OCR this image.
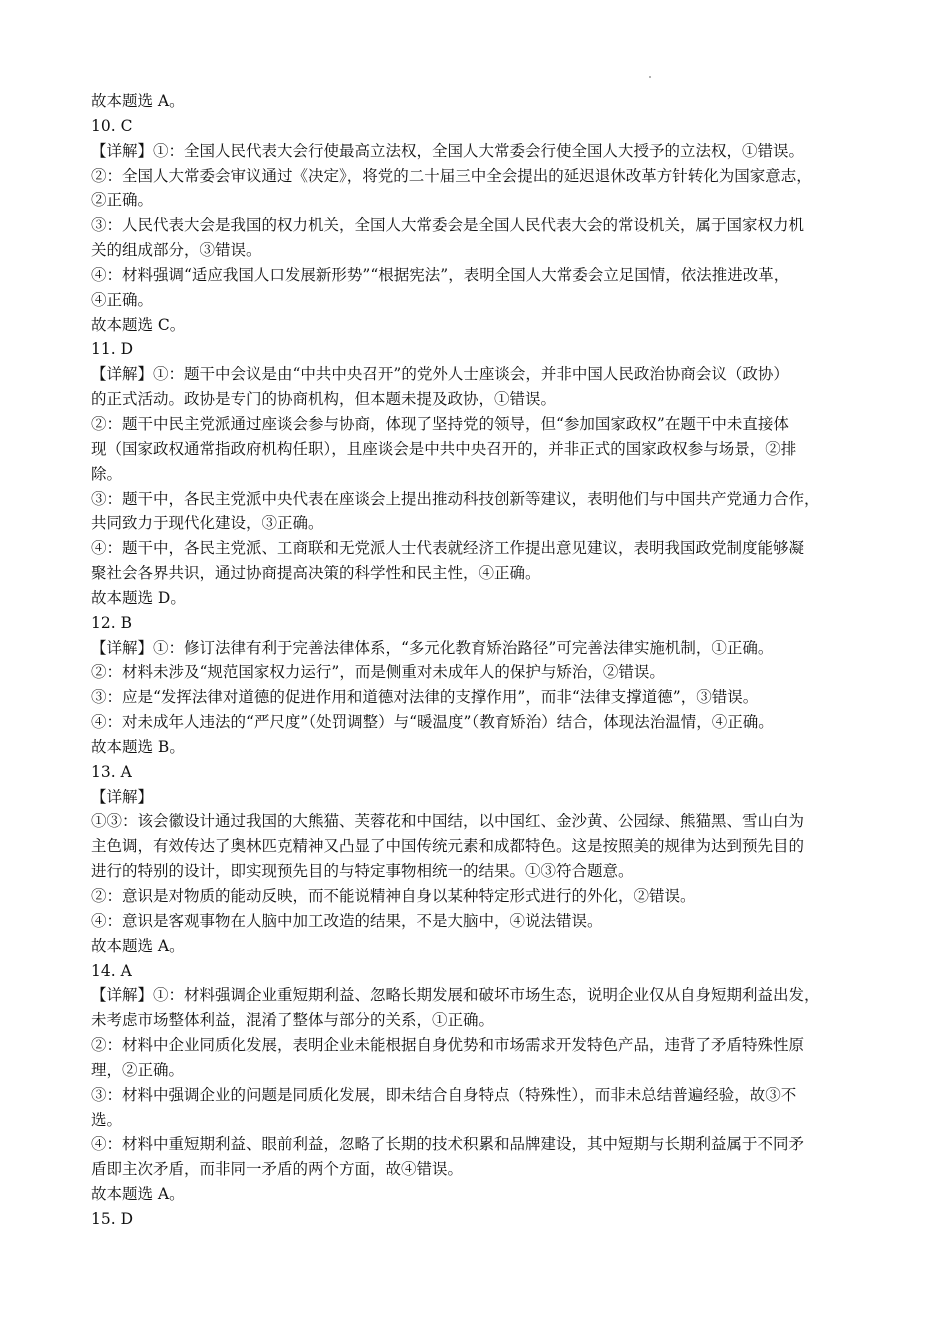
故本题选 A。
10. C
【详解】①：全国人民代表大会行使最高立法权，全国人大常委会行使全国人大授予的立法权，①错误。
②：全国人大常委会审议通过《决定》，将党的二十届三中全会提出的延迟退休改革方针转化为国家意志，
②正确。
③：人民代表大会是我国的权力机关，全国人大常委会是全国人民代表大会的常设机关，属于国家权力机
关的组成部分，③错误。
④：材料强调“适应我国人口发展新形势”“根据宪法”，表明全国人大常委会立足国情，依法推进改革，
④正确。
故本题选 C。
11. D
【详解】①：题干中会议是由“中共中央召开”的党外人士座谈会，并非中国人民政治协商会议（政协）
的正式活动。政协是专门的协商机构，但本题未提及政协，①错误。
②：题干中民主党派通过座谈会参与协商，体现了坚持党的领导，但“参加国家政权”在题干中未直接体
现（国家政权通常指政府机构任职），且座谈会是中共中央召开的，并非正式的国家政权参与场景，②排
除。
③：题干中，各民主党派中央代表在座谈会上提出推动科技创新等建议，表明他们与中国共产党通力合作，
共同致力于现代化建设，③正确。
④：题干中，各民主党派、工商联和无党派人士代表就经济工作提出意见建议，表明我国政党制度能够凝
聚社会各界共识，通过协商提高决策的科学性和民主性，④正确。
故本题选 D。
12. B
【详解】①：修订法律有利于完善法律体系，“多元化教育矫治路径”可完善法律实施机制，①正确。
②：材料未涉及“规范国家权力运行”，而是侧重对未成年人的保护与矫治，②错误。
③：应是“发挥法律对道德的促进作用和道德对法律的支撑作用”，而非“法律支撑道德”，③错误。
④：对未成年人违法的“严尺度”（处罚调整）与“暖温度”（教育矫治）结合，体现法治温情，④正确。
故本题选 B。
13. A
【详解】
①③：该会徽设计通过我国的大熊猫、芙蓉花和中国结，以中国红、金沙黄、公园绿、熊猫黑、雪山白为
主色调，有效传达了奥林匹克精神又凸显了中国传统元素和成都特色。这是按照美的规律为达到预先目的
进行的特别的设计，即实现预先目的与特定事物相统一的结果。①③符合题意。
②：意识是对物质的能动反映，而不能说精神自身以某种特定形式进行的外化，②错误。
④：意识是客观事物在人脑中加工改造的结果，不是大脑中，④说法错误。
故本题选 A。
14. A
【详解】①：材料强调企业重短期利益、忽略长期发展和破坏市场生态，说明企业仅从自身短期利益出发，
未考虑市场整体利益，混淆了整体与部分的关系，①正确。
②：材料中企业同质化发展，表明企业未能根据自身优势和市场需求开发特色产品，违背了矛盾特殊性原
理，②正确。
③：材料中强调企业的问题是同质化发展，即未结合自身特点（特殊性），而非未总结普遍经验，故③不
选。
④：材料中重短期利益、眼前利益，忽略了长期的技术积累和品牌建设，其中短期与长期利益属于不同矛
盾即主次矛盾，而非同一矛盾的两个方面，故④错误。
故本题选 A。
15. D
